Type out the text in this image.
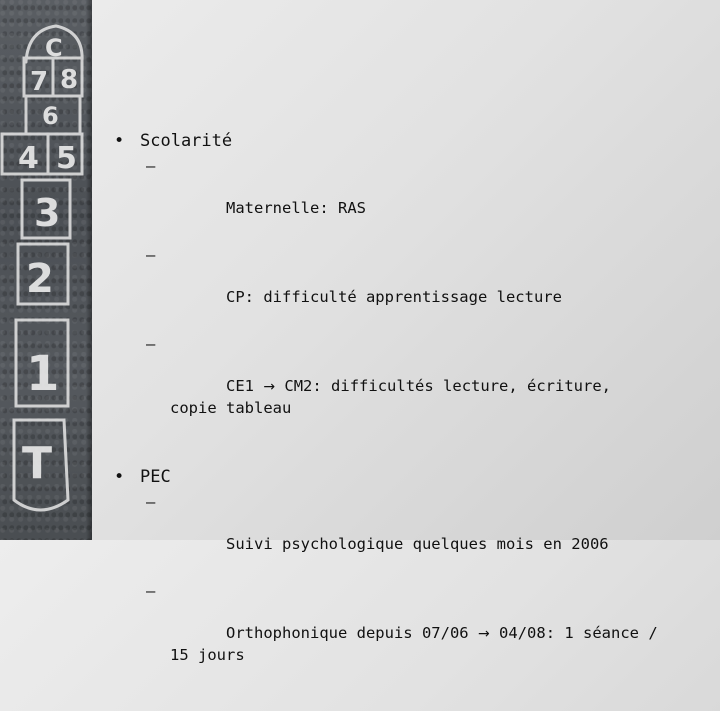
C
7 8
6
4 5
3
2
1
T
• Scolarité

–

Maternelle: RAS

–

CP: difficulté apprentissage lecture

–

CE1 → CM2: difficultés lecture, écriture,
copie tableau

• PEC

–

Suivi psychologique quelques mois en 2006

–

Orthophonique depuis 07/06 → 04/08: 1 séance /
15 jours
